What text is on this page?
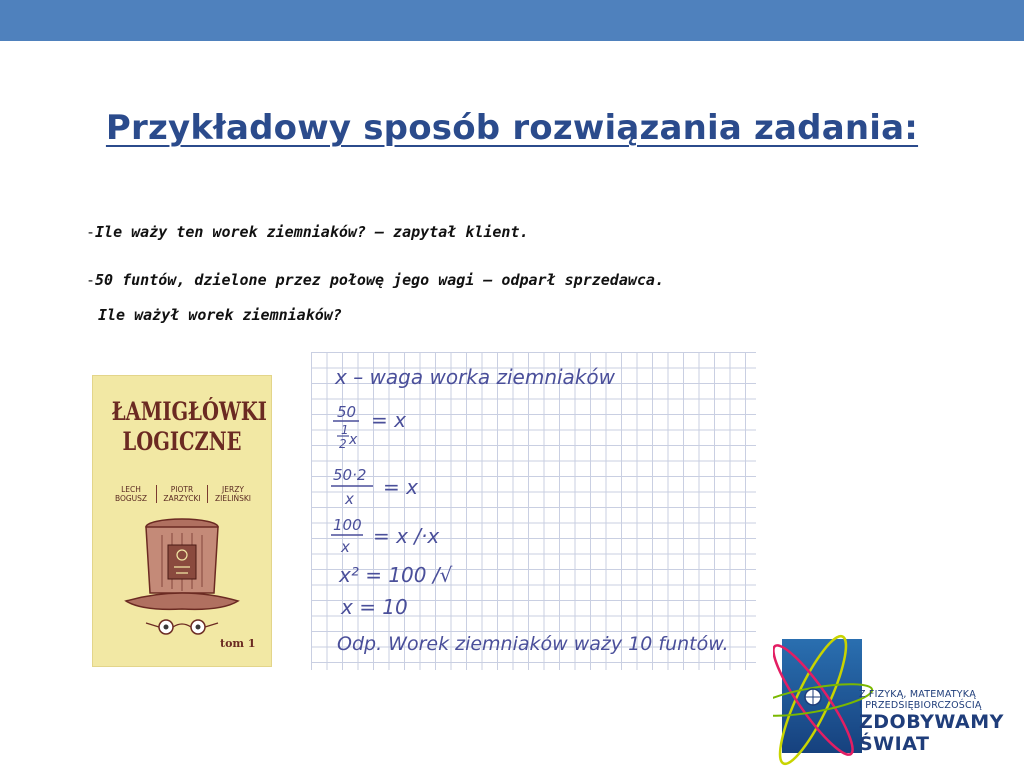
Przykładowy sposób rozwiązania zadania:
-Ile waży ten worek ziemniaków? – zapytał klient.
-50 funtów, dzielone przez połowę jego wagi – odparł sprzedawca.
Ile ważył worek ziemniaków?
ŁAMIGŁÓWKI
LOGICZNE
LECH
BOGUSZ
PIOTR
ZARZYCKI
JERZY
ZIELIŃSKI
tom 1
x – waga worka ziemniaków
50
1
2 x
= x
50·2
x = x
100
x = x /·x
x² = 100 /√
x = 10
Odp. Worek ziemniaków waży 10 funtów.
Z FIZYKĄ, MATEMATYKĄ
I PRZEDSIĘBIORCZOŚCIĄ
ZDOBYWAMY
ŚWIAT
